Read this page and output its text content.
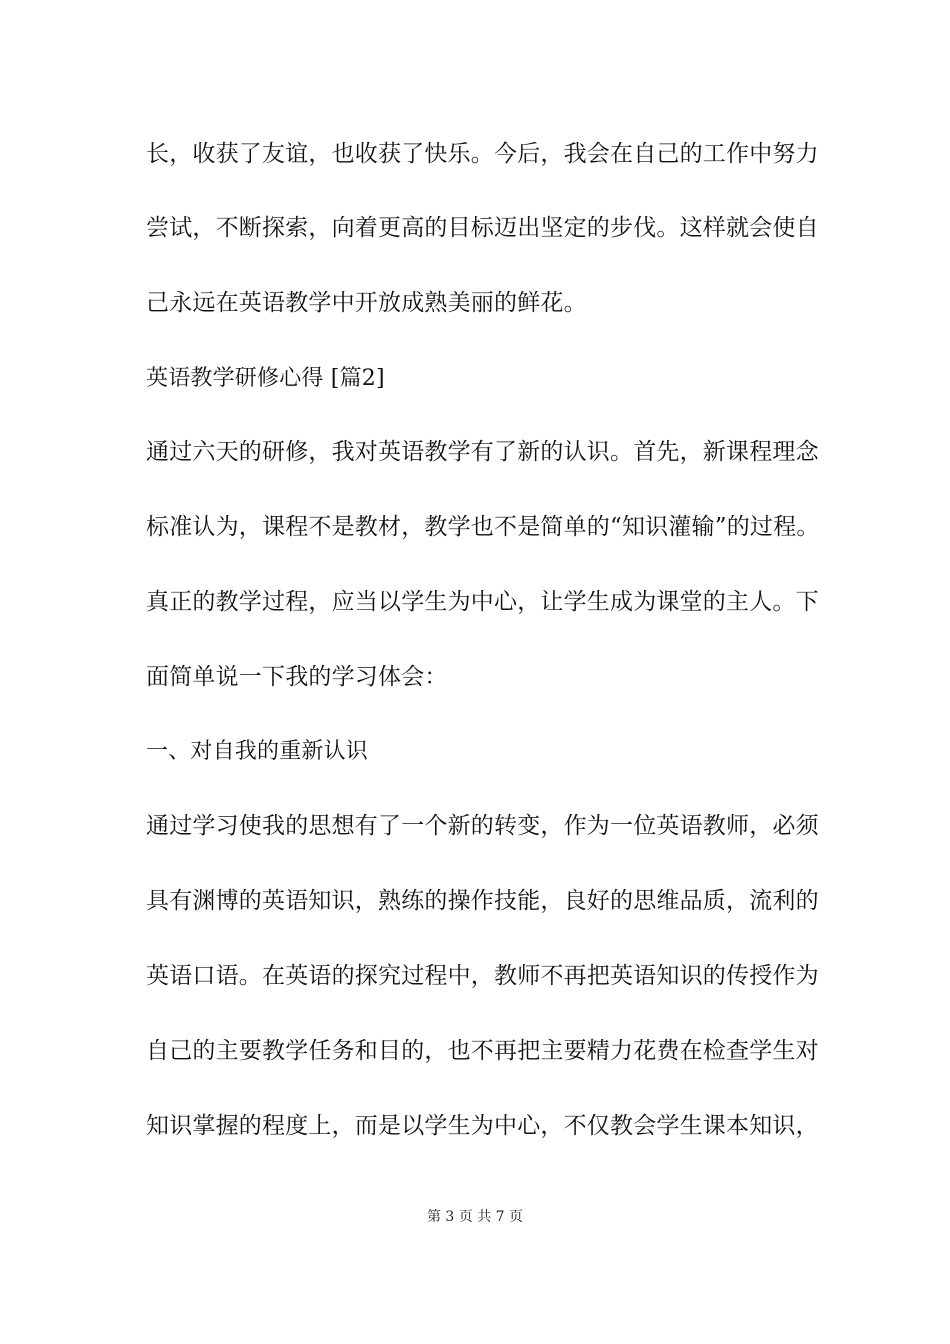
长，收获了友谊，也收获了快乐。今后，我会在自己的工作中努力
尝试，不断探索，向着更高的目标迈出坚定的步伐。这样就会使自
己永远在英语教学中开放成熟美丽的鲜花。
英语教学研修心得 [篇2]
通过六天的研修，我对英语教学有了新的认识。首先，新课程理念
标准认为，课程不是教材，教学也不是简单的“知识灌输”的过程。
真正的教学过程，应当以学生为中心，让学生成为课堂的主人。下
面简单说一下我的学习体会：
一、对自我的重新认识
通过学习使我的思想有了一个新的转变，作为一位英语教师，必须
具有渊博的英语知识，熟练的操作技能，良好的思维品质，流利的
英语口语。在英语的探究过程中，教师不再把英语知识的传授作为
自己的主要教学任务和目的，也不再把主要精力花费在检查学生对
知识掌握的程度上，而是以学生为中心，不仅教会学生课本知识，
第 3 页 共 7 页
